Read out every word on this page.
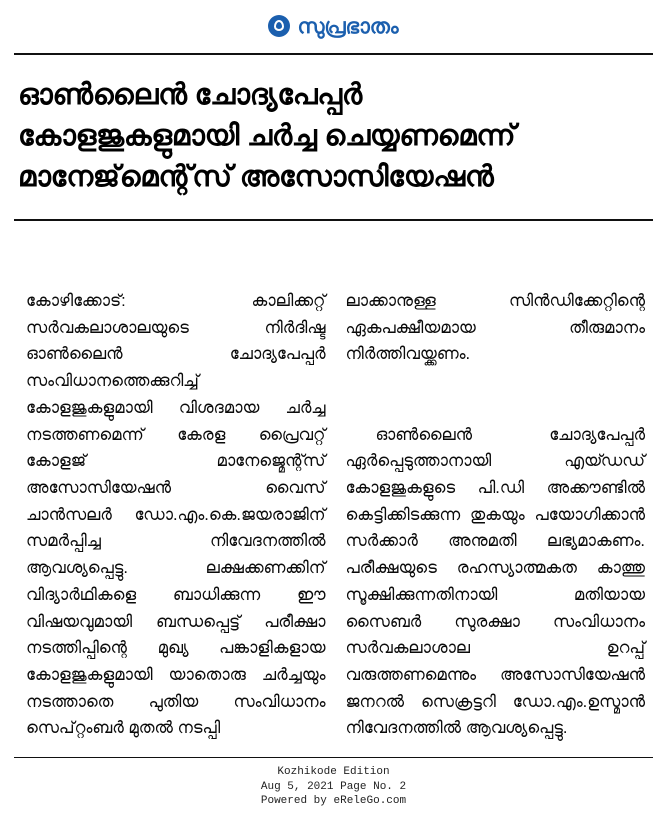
സുപ്രഭാതം
ഓൺലൈൻ ചോദ്യപേപ്പർ
കോളജുകളുമായി ചർച്ച ചെയ്യണമെന്ന്
മാനേജ്‌മെന്റ്‌സ് അസോസിയേഷൻ

കോഴിക്കോട്: കാലിക്കറ്റ് സർവകലാശാലയുടെ നിർദിഷ്ട ഓൺലൈൻ ചോദ്യപേപ്പർ സംവിധാനത്തെക്കുറിച്ച് കോളജുകളുമായി വിശദമായ ചർച്ച നടത്തണമെന്ന് കേരള പ്രൈവറ്റ് കോളജ് മാനേജ്മെന്റ്സ് അസോസിയേഷൻ വൈസ് ചാൻസലർ ഡോ.എം.കെ.ജയരാജിന് സമർപ്പിച്ച നിവേദനത്തിൽ ആവശ്യപ്പെട്ടു. ലക്ഷക്കണക്കിന് വിദ്യാർഥികളെ ബാധിക്കുന്ന ഈ വിഷയവുമായി ബന്ധപ്പെട്ട് പരീക്ഷാ നടത്തിപ്പിന്റെ മുഖ്യ പങ്കാളികളായ കോളജുകളുമായി യാതൊരു ചർച്ചയും നടത്താതെ പുതിയ സംവിധാനം സെപ്റ്റംബർ മുതൽ നടപ്പി

ലാക്കാനുള്ള സിൻഡിക്കേറ്റിന്റെ ഏകപക്ഷീയമായ തീരുമാനം നിർത്തിവയ്ക്കണം.

ഓൺലൈൻ ചോദ്യപേപ്പർ ഏർപ്പെടുത്താനായി എയ്ഡഡ് കോളജുകളുടെ പി.ഡി അക്കൗണ്ടിൽ കെട്ടിക്കിടക്കുന്ന തുകയും പയോഗിക്കാൻ സർക്കാർ അനുമതി ലഭ്യമാകണം. പരീക്ഷയുടെ രഹസ്യാത്മകത കാത്തു സൂക്ഷിക്കുന്നതിനായി മതിയായ സൈബർ സുരക്ഷാ സംവിധാനം സർവകലാശാല ഉറപ്പ് വരുത്തണമെന്നും അസോസിയേഷൻ ജനറൽ സെക്രട്ടറി ഡോ.എം.ഉസ്മാൻ നിവേദനത്തിൽ ആവശ്യപ്പെട്ടു.

Kozhikode Edition
Aug 5, 2021 Page No. 2
Powered by eReleGo.com
